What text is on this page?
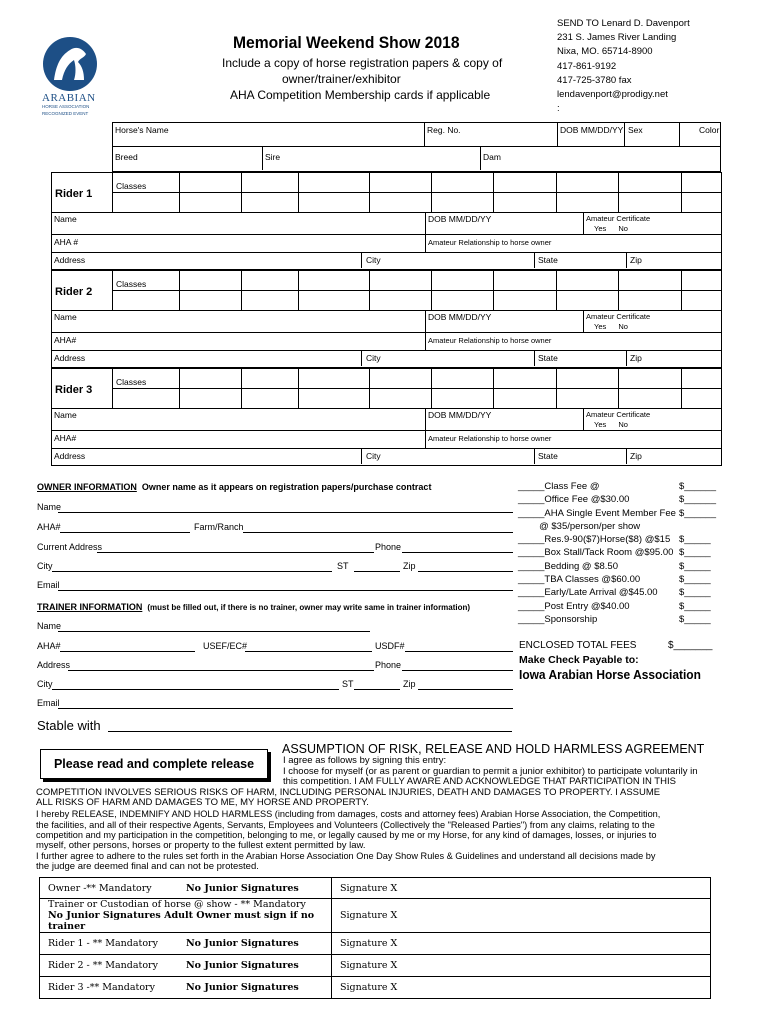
ARABIAN
HORSE ASSOCIATION
RECOGNIZED EVENT
Memorial Weekend Show 2018
Include a copy of horse registration papers & copy of
owner/trainer/exhibitor
AHA Competition Membership cards if applicable
SEND TO Lenard D. Davenport
231 S. James River Landing
Nixa, MO. 65714-8900
417-861-9192
417-725-3780 fax
lendavenport@prodigy.net
:
Horse's Name	Reg. No.	DOB MM/DD/YY Sex	Color
Breed	Sire	Dam
Rider 1
Classes
Name	DOB MM/DD/YY	Amateur Certificate
Yes No
AHA #	Amateur Relationship to horse owner
Address	City	State	Zip
Rider 2
Classes
Name	DOB MM/DD/YY	Amateur Certificate
Yes No
AHA#	Amateur Relationship to horse owner
Address	City	State	Zip
Rider 3
Classes
Name	DOB MM/DD/YY	Amateur Certificate
Yes No
AHA#	Amateur Relationship to horse owner
Address	City	State	Zip
OWNER INFORMATION Owner name as it appears on registration papers/purchase contract
Name
AHA#	Farm/Ranch
Current Address	Phone
City	ST	Zip
Email
Name
AHA#	USEF/EC#	USDF#
Address	Phone
City	ST	Zip
Email
TRAINER INFORMATION (must be filled out, if there is no trainer, owner may write same in trainer information)
_____Class Fee @	$______
_____Office Fee @$30.00	$______
_____AHA Single Event Member Fee $______
@ $35/person/per show
_____Res.9-90($7)Horse($8) @$15 $_____
_____Box Stall/Tack Room @$95.00 $_____
_____Bedding @ $8.50	$_____
_____TBA Classes @$60.00	$_____
_____Early/Late Arrival @$45.00 $_____
_____Post Entry @$40.00	$_____
_____Sponsorship	$_____
ENCLOSED TOTAL FEES	$_______
Make Check Payable to:
Iowa Arabian Horse Association
Stable with
Please read and complete release
ASSUMPTION OF RISK, RELEASE AND HOLD HARMLESS AGREEMENT
I agree as follows by signing this entry:
I choose for myself (or as parent or guardian to permit a junior exhibitor) to participate voluntarily in
this competition. I AM FULLY AWARE AND ACKNOWLEDGE THAT PARTICIPATION IN THIS
COMPETITION INVOLVES SERIOUS RISKS OF HARM, INCLUDING PERSONAL INJURIES, DEATH AND DAMAGES TO PROPERTY. I ASSUME
ALL RISKS OF HARM AND DAMAGES TO ME, MY HORSE AND PROPERTY.
I hereby RELEASE, INDEMNIFY AND HOLD HARMLESS (including from damages, costs and attorney fees) Arabian Horse Association, the Competition,
the facilities, and all of their respective Agents, Servants, Employees and Volunteers (Collectively the "Released Parties") from any claims, relating to the
competition and my participation in the competition, belonging to me, or legally caused by me or my Horse, for any kind of damages, losses, or injuries to
myself, other persons, horses or property to the fullest extent permitted by law.
I further agree to adhere to the rules set forth in the Arabian Horse Association One Day Show Rules & Guidelines and understand all decisions made by
the judge are deemed final and can not be protested.
Owner -** Mandatory No Junior Signatures	Signature X

Trainer or Custodian of horse @ show - ** Mandatory
No Junior Signatures Adult Owner must sign if no trainer	Signature X
Rider 1 - ** Mandatory No Junior Signatures	Signature X
Rider 2 - ** Mandatory No Junior Signatures	Signature X
Rider 3 -** Mandatory No Junior Signatures	Signature X
